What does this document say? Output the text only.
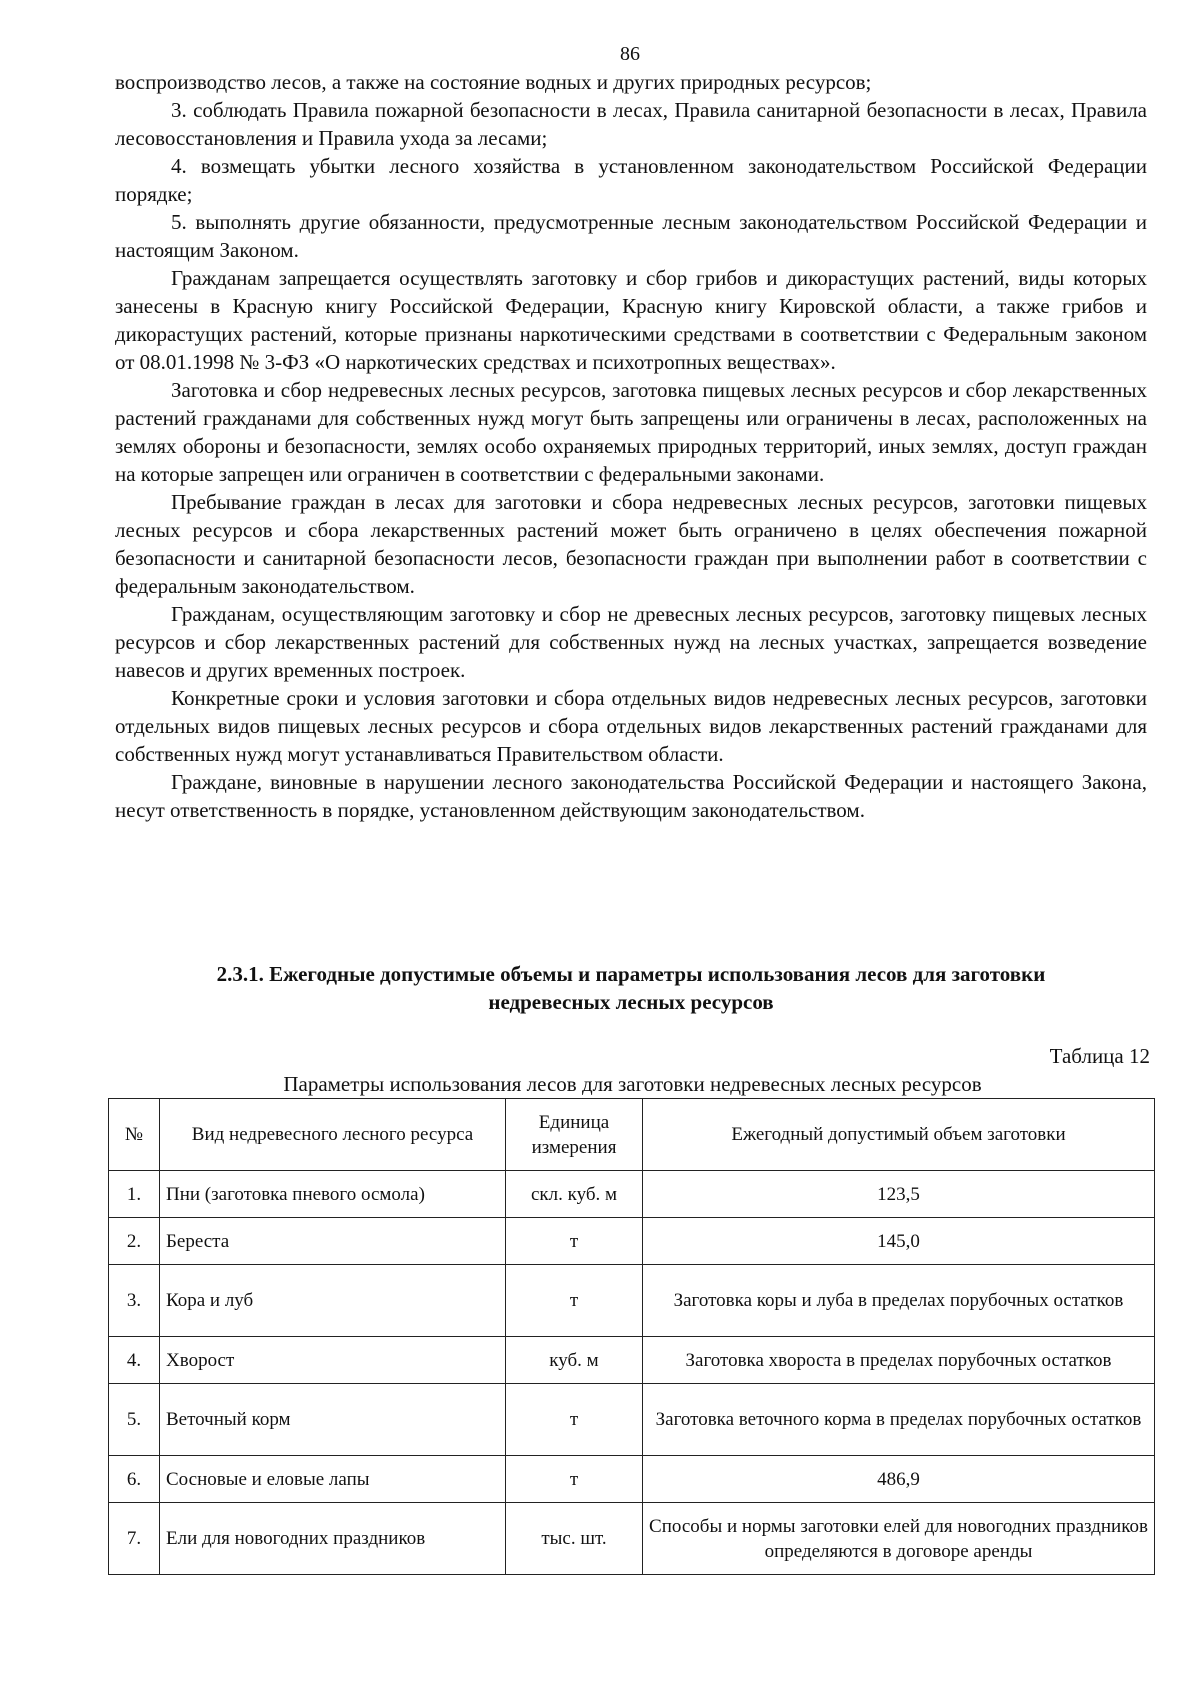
86

воспроизводство лесов, а также на состояние водных и других природных ресурсов;

3. соблюдать Правила пожарной безопасности в лесах, Правила санитарной безопасности в лесах, Правила лесовосстановления и Правила ухода за лесами;

4. возмещать убытки лесного хозяйства в установленном законодательством Российской Федерации порядке;

5. выполнять другие обязанности, предусмотренные лесным законодательством Российской Федерации и настоящим Законом.

Гражданам запрещается осуществлять заготовку и сбор грибов и дикорастущих растений, виды которых занесены в Красную книгу Российской Федерации, Красную книгу Кировской области, а также грибов и дикорастущих растений, которые признаны наркотическими средствами в соответствии с Федеральным законом от 08.01.1998 № 3-ФЗ «О наркотических средствах и психотропных веществах».

Заготовка и сбор недревесных лесных ресурсов, заготовка пищевых лесных ресурсов и сбор лекарственных растений гражданами для собственных нужд могут быть запрещены или ограничены в лесах, расположенных на землях обороны и безопасности, землях особо охраняемых природных территорий, иных землях, доступ граждан на которые запрещен или ограничен в соответствии с федеральными законами.

Пребывание граждан в лесах для заготовки и сбора недревесных лесных ресурсов, заготовки пищевых лесных ресурсов и сбора лекарственных растений может быть ограничено в целях обеспечения пожарной безопасности и санитарной безопасности лесов, безопасности граждан при выполнении работ в соответствии с федеральным законодательством.

Гражданам, осуществляющим заготовку и сбор не древесных лесных ресурсов, заготовку пищевых лесных ресурсов и сбор лекарственных растений для собственных нужд на лесных участках, запрещается возведение навесов и других временных построек.

Конкретные сроки и условия заготовки и сбора отдельных видов недревесных лесных ресурсов, заготовки отдельных видов пищевых лесных ресурсов и сбора отдельных видов лекарственных растений гражданами для собственных нужд могут устанавливаться Правительством области.

Граждане, виновные в нарушении лесного законодательства Российской Федерации и настоящего Закона, несут ответственность в порядке, установленном действующим законодательством.

2.3.1. Ежегодные допустимые объемы и параметры использования лесов для заготовки
недревесных лесных ресурсов
Таблица 12
Параметры использования лесов для заготовки недревесных лесных ресурсов
№	Вид недревесного лесного ресурса	Единица измерения	Ежегодный допустимый объем заготовки
1.	Пни (заготовка пневого осмола)	скл. куб. м	123,5
2.	Береста	т	145,0
3.	Кора и луб	т	Заготовка коры и луба в пределах порубочных остатков
4.	Хворост	куб. м	Заготовка хвороста в пределах порубочных остатков
5.	Веточный корм	т	Заготовка веточного корма в пределах порубочных остатков
6.	Сосновые и еловые лапы	т	486,9
7.	Ели для новогодних праздников	тыс. шт.	Способы и нормы заготовки елей для новогодних праздников определяются в договоре аренды
